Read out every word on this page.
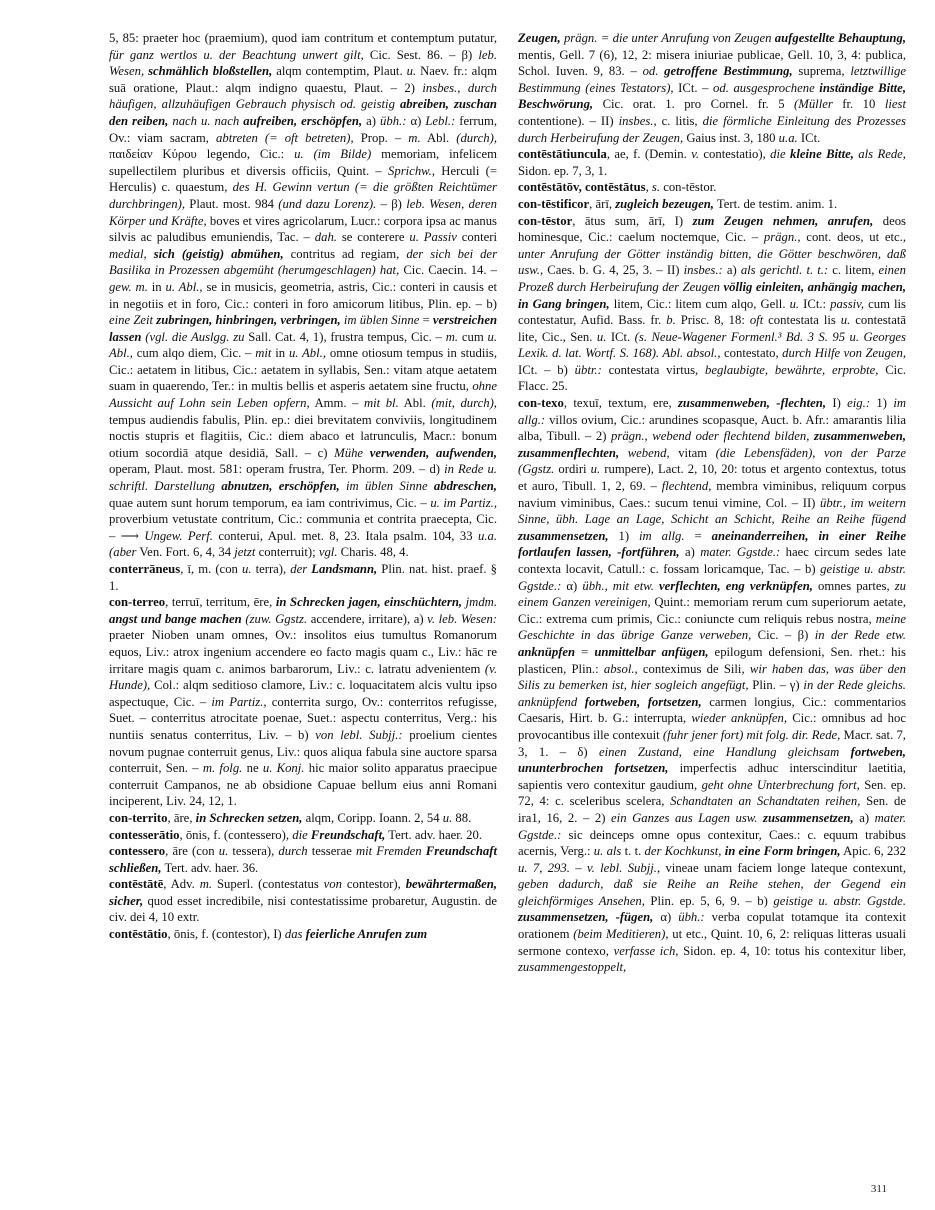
5, 85: praeter hoc (praemium), quod iam contritum et contemptum putatur, für ganz wertlos u. der Beachtung unwert gilt, Cic. Sest. 86. – β) leb. Wesen, schmählich bloßstellen, alqm contemptim, Plaut. u. Naev. fr.: alqm suā oratione, Plaut.: alqm indigno quaestu, Plaut. – 2) insbes., durch häufigen, allzuhäufigen Gebrauch physisch od. geistig abreiben, zuschan den reiben, nach u. nach aufreiben, erschöpfen, a) übh.: α) Lebl.: ferrum, Ov.: viam sacram, abtreten (= oft betreten), Prop. – m. Abl. (durch), παιδείαν Κύρου legendo, Cic.: u. (im Bilde) memoriam, infelicem supellectilem pluribus et diversis officiis, Quint. – Sprichw., Herculi (= Herculis) c. quaestum, des H. Gewinn vertun (= die größten Reichtümer durchbringen), Plaut. most. 984 (und dazu Lorenz). – β) leb. Wesen, deren Körper und Kräfte, boves et vires agricolarum, Lucr.: corpora ipsa ac manus silvis ac paludibus emuniendis, Tac. – dah. se conterere u. Passiv conteri medial, sich (geistig) abmühen, contritus ad regiam, der sich bei der Basilika in Prozessen abgemüht (herumgeschlagen) hat, Cic. Caecin. 14. – gew. m. in u. Abl., se in musicis, geometria, astris, Cic.: conteri in causis et in negotiis et in foro, Cic.: conteri in foro amicorum litibus, Plin. ep. – b) eine Zeit zubringen, hinbringen, verbringen, im üblen Sinne = verstreichen lassen (vgl. die Auslgg. zu Sall. Cat. 4, 1), frustra tempus, Cic. – m. cum u. Abl., cum alqo diem, Cic. – mit in u. Abl., omne otiosum tempus in studiis, Cic.: aetatem in litibus, Cic.: aetatem in syllabis, Sen.: vitam atque aetatem suam in quaerendo, Ter.: in multis bellis et asperis aetatem sine fructu, ohne Aussicht auf Lohn sein Leben opfern, Amm. – mit bl. Abl. (mit, durch), tempus audiendis fabulis, Plin. ep.: diei brevitatem conviviis, longitudinem noctis stupris et flagitiis, Cic.: diem abaco et latrunculis, Macr.: bonum otium socordiā atque desidiā, Sall. – c) Mühe verwenden, aufwenden, operam, Plaut. most. 581: operam frustra, Ter. Phorm. 209. – d) in Rede u. schriftl. Darstellung abnutzen, erschöpfen, im üblen Sinne abdreschen, quae autem sunt horum temporum, ea iam contrivimus, Cic. – u. im Partiz., proverbium vetustate contritum, Cic.: communia et contrita praecepta, Cic. – ⟶ Ungew. Perf. conterui, Apul. met. 8, 23. Itala psalm. 104, 33 u.a. (aber Ven. Fort. 6, 4, 34 jetzt conterruit); vgl. Charis. 48, 4.

conterrāneus, ī, m. (con u. terra), der Landsmann, Plin. nat. hist. praef. § 1.

con-terreo, terruī, territum, ēre, in Schrecken jagen, einschüchtern, jmdm. angst und bange machen (zuw. Ggstz. accendere, irritare), a) v. leb. Wesen: praeter Nioben unam omnes, Ov.: insolitos eius tumultus Romanorum equos, Liv.: atrox ingenium accendere eo facto magis quam c., Liv.: hāc re irritare magis quam c. animos barbarorum, Liv.: c. latratu advenientem (v. Hunde), Col.: alqm seditioso clamore, Liv.: c. loquacitatem alcis vultu ipso aspectuque, Cic. – im Partiz., conterrita surgo, Ov.: conterritos refugisse, Suet. – conterritus atrocitate poenae, Suet.: aspectu conterritus, Verg.: his nuntiis senatus conterritus, Liv. – b) von lebl. Subjj.: proelium cientes novum pugnae conterruit genus, Liv.: quos aliqua fabula sine auctore sparsa conterruit, Sen. – m. folg. ne u. Konj. hic maior solito apparatus praecipue conterruit Campanos, ne ab obsidione Capuae bellum eius anni Romani inciperent, Liv. 24, 12, 1.

con-territo, āre, in Schrecken setzen, alqm, Coripp. Ioann. 2, 54 u. 88.

contesserātio, ōnis, f. (contessero), die Freundschaft, Tert. adv. haer. 20.

contessero, āre (con u. tessera), durch tesserae mit Fremden Freundschaft schließen, Tert. adv. haer. 36.

contēstātē, Adv. m. Superl. (contestatus von contestor), bewährtermaßen, sicher, quod esset incredibile, nisi contestatissime probaretur, Augustin. de civ. dei 4, 10 extr.

contēstātio, ōnis, f. (contestor), I) das feierliche Anrufen zum

Zeugen, prägn. = die unter Anrufung von Zeugen aufgestellte Behauptung, mentis, Gell. 7 (6), 12, 2: misera iniuriae publicae, Gell. 10, 3, 4: publica, Schol. Iuven. 9, 83. – od. getroffene Bestimmung, suprema, letztwillige Bestimmung (eines Testators), ICt. – od. ausgesprochene inständige Bitte, Beschwörung, Cic. orat. 1. pro Cornel. fr. 5 (Müller fr. 10 liest contentione). – II) insbes., c. litis, die förmliche Einleitung des Prozesses durch Herbeirufung der Zeugen, Gaius inst. 3, 180 u.a. ICt.

contēstātiuncula, ae, f. (Demin. v. contestatio), die kleine Bitte, als Rede, Sidon. ep. 7, 3, 1.

contēstātōv, contēstātus, s. con-tēstor.

con-tēstificor, ārī, zugleich bezeugen, Tert. de testim. anim. 1.

con-tēstor, ātus sum, ārī, I) zum Zeugen nehmen, anrufen, deos hominesque, Cic.: caelum noctemque, Cic. – prägn., cont. deos, ut etc., unter Anrufung der Götter inständig bitten, die Götter beschwören, daß usw., Caes. b. G. 4, 25, 3. – II) insbes.: a) als gerichtl. t. t.: c. litem, einen Prozeß durch Herbeirufung der Zeugen völlig einleiten, anhängig machen, in Gang bringen, litem, Cic.: litem cum alqo, Gell. u. ICt.: passiv, cum lis contestatur, Aufid. Bass. fr. b. Prisc. 8, 18: oft contestata lis u. contestatā lite, Cic., Sen. u. ICt. (s. Neue-Wagener Formenl.³ Bd. 3 S. 95 u. Georges Lexik. d. lat. Wortf. S. 168). Abl. absol., contestato, durch Hilfe von Zeugen, ICt. – b) übtr.: contestata virtus, beglaubigte, bewährte, erprobte, Cic. Flacc. 25.

con-texo, texuī, textum, ere, zusammenweben, -flechten, I) eig.: 1) im allg.: villos ovium, Cic.: arundines scopasque, Auct. b. Afr.: amarantis lilia alba, Tibull. – 2) prägn., webend oder flechtend bilden, zusammenweben, zusammenflechten, webend, vitam (die Lebensfäden), von der Parze (Ggstz. ordiri u. rumpere), Lact. 2, 10, 20: totus et argento contextus, totus et auro, Tibull. 1, 2, 69. – flechtend, membra viminibus, reliquum corpus navium viminibus, Caes.: sucum tenui vimine, Col. – II) übtr., im weitern Sinne, übh. Lage an Lage, Schicht an Schicht, Reihe an Reihe fügend zusammensetzen, 1) im allg. = aneinanderreihen, in einer Reihe fortlaufen lassen, -fortführen, a) mater. Ggstde.: haec circum sedes late contexta locavit, Catull.: c. fossam loricamque, Tac. – b) geistige u. abstr. Ggstde.: α) übh., mit etw. verflechten, eng verknüpfen, omnes partes, zu einem Ganzen vereinigen, Quint.: memoriam rerum cum superiorum aetate, Cic.: extrema cum primis, Cic.: coniuncte cum reliquis rebus nostra, meine Geschichte in das übrige Ganze verweben, Cic. – β) in der Rede etw. anknüpfen = unmittelbar anfügen, epilogum defensioni, Sen. rhet.: his plasticen, Plin.: absol., conteximus de Sili, wir haben das, was über den Silis zu bemerken ist, hier sogleich angefügt, Plin. – γ) in der Rede gleichs. anknüpfend fortweben, fortsetzen, carmen longius, Cic.: commentarios Caesaris, Hirt. b. G.: interrupta, wieder anknüpfen, Cic.: omnibus ad hoc provocantibus ille contexuit (fuhr jener fort) mit folg. dir. Rede, Macr. sat. 7, 3, 1. – δ) einen Zustand, eine Handlung gleichsam fortweben, ununterbrochen fortsetzen, imperfectis adhuc interscinditur laetitia, sapientis vero contexitur gaudium, geht ohne Unterbrechung fort, Sen. ep. 72, 4: c. sceleribus scelera, Schandtaten an Schandtaten reihen, Sen. de ira1, 16, 2. – 2) ein Ganzes aus Lagen usw. zusammensetzen, a) mater. Ggstde.: sic deinceps omne opus contexitur, Caes.: c. equum trabibus acernis, Verg.: u. als t. t. der Kochkunst, in eine Form bringen, Apic. 6, 232 u. 7, 293. – v. lebl. Subjj., vineae unam faciem longe lateque contexunt, geben dadurch, daß sie Reihe an Reihe stehen, der Gegend ein gleichförmiges Ansehen, Plin. ep. 5, 6, 9. – b) geistige u. abstr. Ggstde. zusammensetzen, -fügen, α) übh.: verba copulat totamque ita contexit orationem (beim Meditieren), ut etc., Quint. 10, 6, 2: reliquas litteras usuali sermone contexo, verfasse ich, Sidon. ep. 4, 10: totus his contexitur liber, zusammengestoppelt,

311
